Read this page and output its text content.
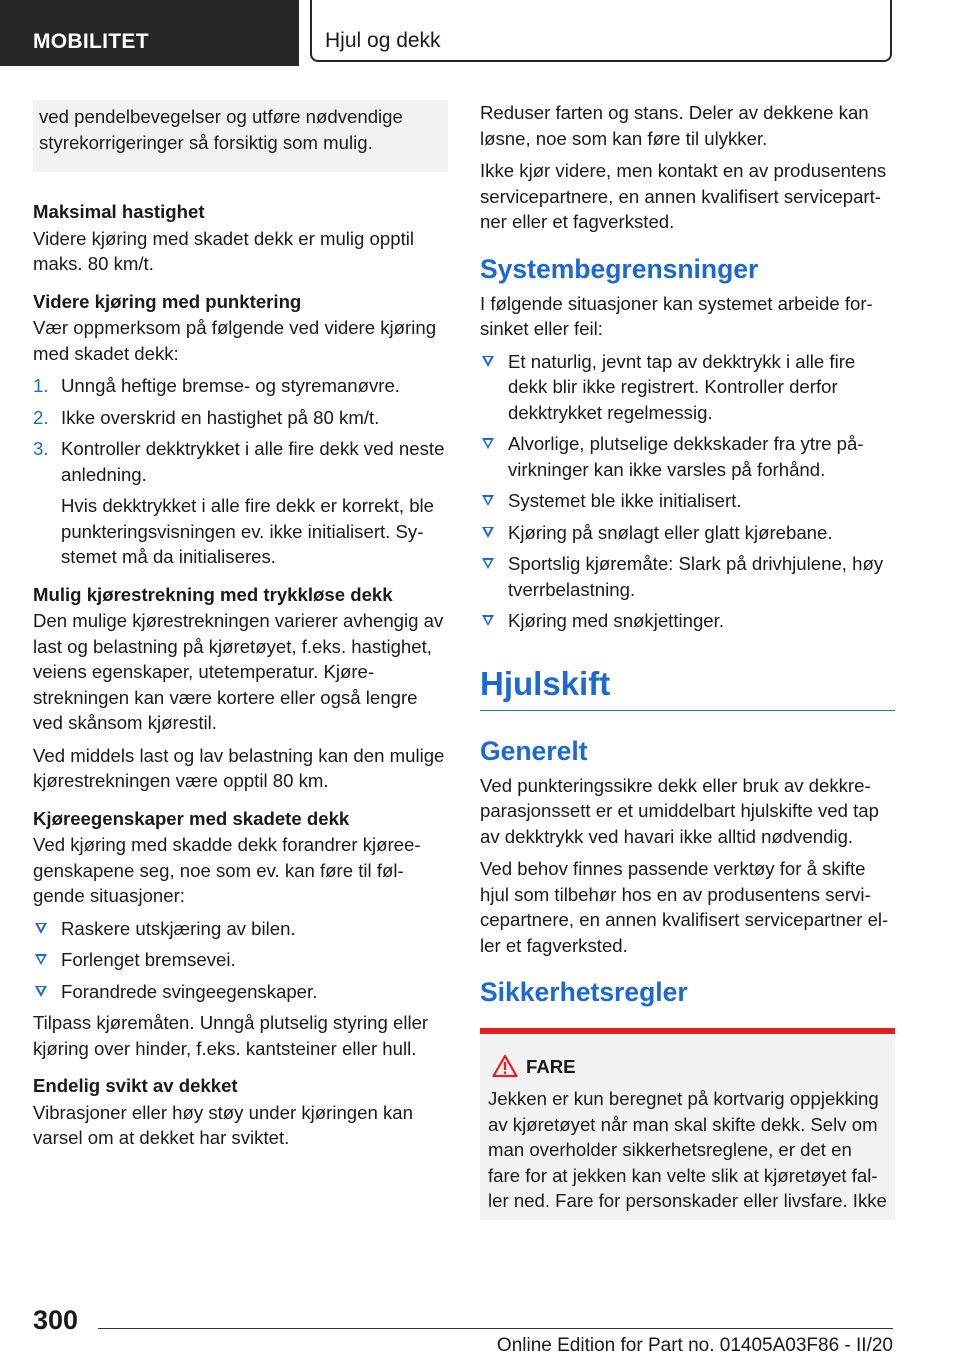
MOBILITET	Hjul og dekk

ved pendelbevegelser og utføre nødvendige styrekorrigeringer så forsiktig som mulig.

Maksimal hastighet

Videre kjøring med skadet dekk er mulig opptil maks. 80 km/t.

Videre kjøring med punktering

Vær oppmerksom på følgende ved videre kjøring med skadet dekk:

1. Unngå heftige bremse- og styremanøvre.
2. Ikke overskrid en hastighet på 80 km/t.
3. Kontroller dekktrykket i alle fire dekk ved neste anledning.
Hvis dekktrykket i alle fire dekk er korrekt, ble punkteringsvisningen ev. ikke initialisert. Systemet må da initialiseres.
Mulig kjørestrekning med trykkløse dekk

Den mulige kjørestrekningen varierer avhengig av last og belastning på kjøretøyet, f.eks. hastighet, veiens egenskaper, utetemperatur. Kjørestrekningen kan være kortere eller også lengre ved skånsom kjørestil.

Ved middels last og lav belastning kan den mulige kjørestrekningen være opptil 80 km.

Kjøreegenskaper med skadete dekk

Ved kjøring med skadde dekk forandrer kjøreegenskapene seg, noe som ev. kan føre til følgende situasjoner:

Raskere utskjæring av bilen.
Forlenget bremsevei.
Forandrede svingeegenskaper.

Tilpass kjøremåten. Unngå plutselig styring eller kjøring over hinder, f.eks. kantsteiner eller hull.

Endelig svikt av dekket

Vibrasjoner eller høy støy under kjøringen kan varsel om at dekket har sviktet.

Reduser farten og stans. Deler av dekkene kan løsne, noe som kan føre til ulykker.

Ikke kjør videre, men kontakt en av produsentens servicepartnere, en annen kvalifisert servicepartner eller et fagverksted.

Systembegrensninger

I følgende situasjoner kan systemet arbeide forsinket eller feil:

Et naturlig, jevnt tap av dekktrykk i alle fire dekk blir ikke registrert. Kontroller derfor dekktrykket regelmessig.
Alvorlige, plutselige dekkskader fra ytre påvirkninger kan ikke varsles på forhånd.
Systemet ble ikke initialisert.
Kjøring på snølagt eller glatt kjørebane.
Sportslig kjøremåte: Slark på drivhjulene, høy tverrbelastning.
Kjøring med snøkjettinger.
Hjulskift
Generelt

Ved punkteringssikre dekk eller bruk av dekkreparasjonssett er et umiddelbart hjulskifte ved tap av dekktrykk ved havari ikke alltid nødvendig.

Ved behov finnes passende verktøy for å skifte hjul som tilbehør hos en av produsentens servicepartnere, en annen kvalifisert servicepartner eller et fagverksted.

Sikkerhetsregler
FARE

Jekken er kun beregnet på kortvarig oppjekking av kjøretøyet når man skal skifte dekk. Selv om man overholder sikkerhetsreglene, er det en fare for at jekken kan velte slik at kjøretøyet faller ned. Fare for personskader eller livsfare. Ikke

300
Online Edition for Part no. 01405A03F86 - II/20
